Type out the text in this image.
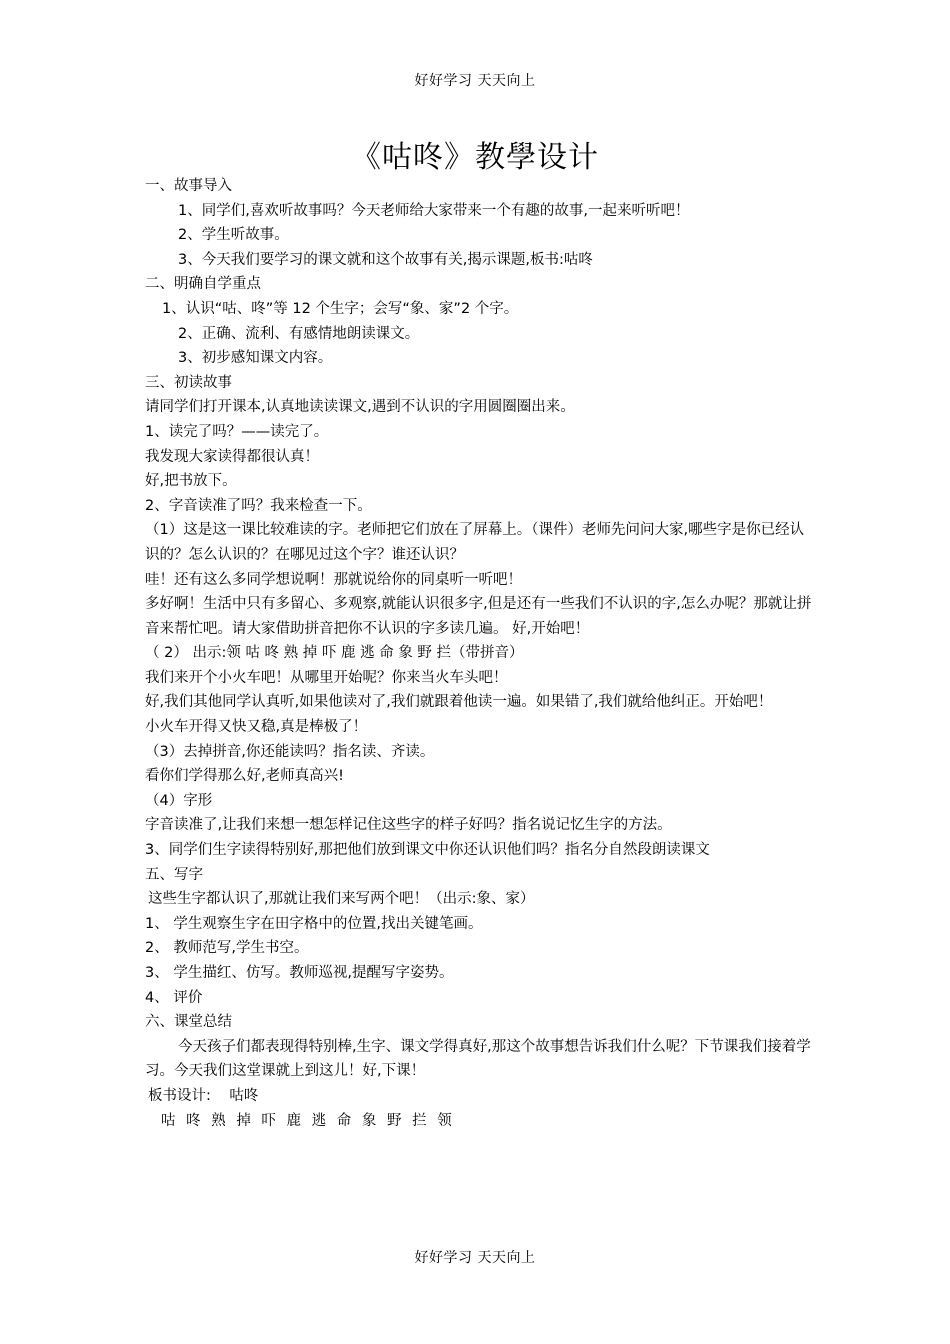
好好学习 天天向上
《咕咚》教學设计

一、故事导入

1、同学们,喜欢听故事吗？今天老师给大家带来一个有趣的故事,一起来听听吧！

2、学生听故事。

3、今天我们要学习的课文就和这个故事有关,揭示课题,板书:咕咚

二、明确自学重点

1、认识“咕、咚”等 12 个生字；会写“象、家”2 个字。

2、正确、流利、有感情地朗读课文。

3、初步感知课文内容。

三、初读故事

请同学们打开课本,认真地读读课文,遇到不认识的字用圆圈圈出来。

1、读完了吗？——读完了。

我发现大家读得都很认真！

好,把书放下。

2、字音读准了吗？我来检查一下。

（1）这是这一课比较难读的字。老师把它们放在了屏幕上。（课件）老师先问问大家,哪些字是你已经认识的？怎么认识的？在哪见过这个字？谁还认识？

哇！还有这么多同学想说啊！那就说给你的同桌听一听吧！

多好啊！生活中只有多留心、多观察,就能认识很多字,但是还有一些我们不认识的字,怎么办呢？那就让拼音来帮忙吧。请大家借助拼音把你不认识的字多读几遍。 好,开始吧！

（ 2） 出示:领 咕 咚 熟 掉 吓 鹿 逃 命 象 野 拦（带拼音）

我们来开个小火车吧！从哪里开始呢？你来当火车头吧！

好,我们其他同学认真听,如果他读对了,我们就跟着他读一遍。如果错了,我们就给他纠正。开始吧！

小火车开得又快又稳,真是棒极了！

（3）去掉拼音,你还能读吗？指名读、齐读。

看你们学得那么好,老师真高兴!

（4）字形

字音读准了,让我们来想一想怎样记住这些字的样子好吗？指名说记忆生字的方法。

3、同学们生字读得特别好,那把他们放到课文中你还认识他们吗？指名分自然段朗读课文

五、写字

这些生字都认识了,那就让我们来写两个吧！（出示:象、家）

1、 学生观察生字在田字格中的位置,找出关键笔画。

2、 教师范写,学生书空。

3、 学生描红、仿写。教师巡视,提醒写字姿势。

4、 评价

六、课堂总结

今天孩子们都表现得特别棒,生字、课文学得真好,那这个故事想告诉我们什么呢？下节课我们接着学习。今天我们这堂课就上到这儿！好,下课！

板书设计:    咕咚

咕 咚 熟 掉 吓 鹿 逃 命 象 野 拦 领

好好学习 天天向上
